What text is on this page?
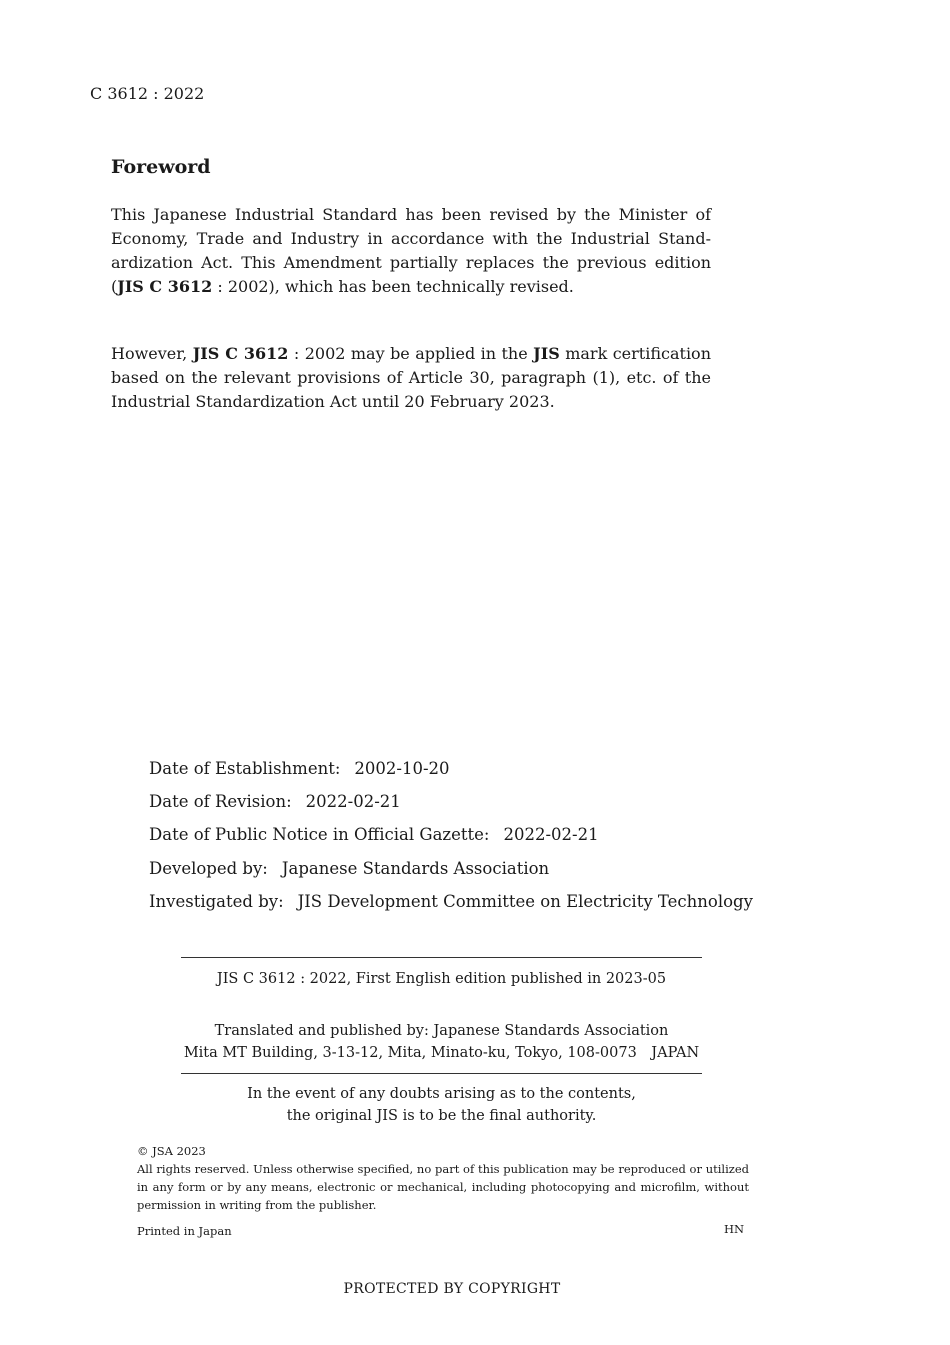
C 3612 : 2022
Foreword
This Japanese Industrial Standard has been revised by the Minister of Economy, Trade and Industry in accordance with the Industrial Standardization Act. This Amendment partially replaces the previous edition (JIS C 3612 : 2002), which has been technically revised.
However, JIS C 3612 : 2002 may be applied in the JIS mark certification based on the relevant provisions of Article 30, paragraph (1), etc. of the Industrial Standardization Act until 20 February 2023.
Date of Establishment: 2002-10-20
Date of Revision: 2022-02-21
Date of Public Notice in Official Gazette: 2022-02-21
Developed by: Japanese Standards Association
Investigated by: JIS Development Committee on Electricity Technology
JIS C 3612 : 2022, First English edition published in 2023-05
Translated and published by: Japanese Standards Association
Mita MT Building, 3-13-12, Mita, Minato-ku, Tokyo, 108-0073 JAPAN
In the event of any doubts arising as to the contents,
the original JIS is to be the final authority.
© JSA 2023
All rights reserved. Unless otherwise specified, no part of this publication may be reproduced or utilized in any form or by any means, electronic or mechanical, including photocopying and microfilm, without permission in writing from the publisher.
Printed in Japan	HN
PROTECTED BY COPYRIGHT
